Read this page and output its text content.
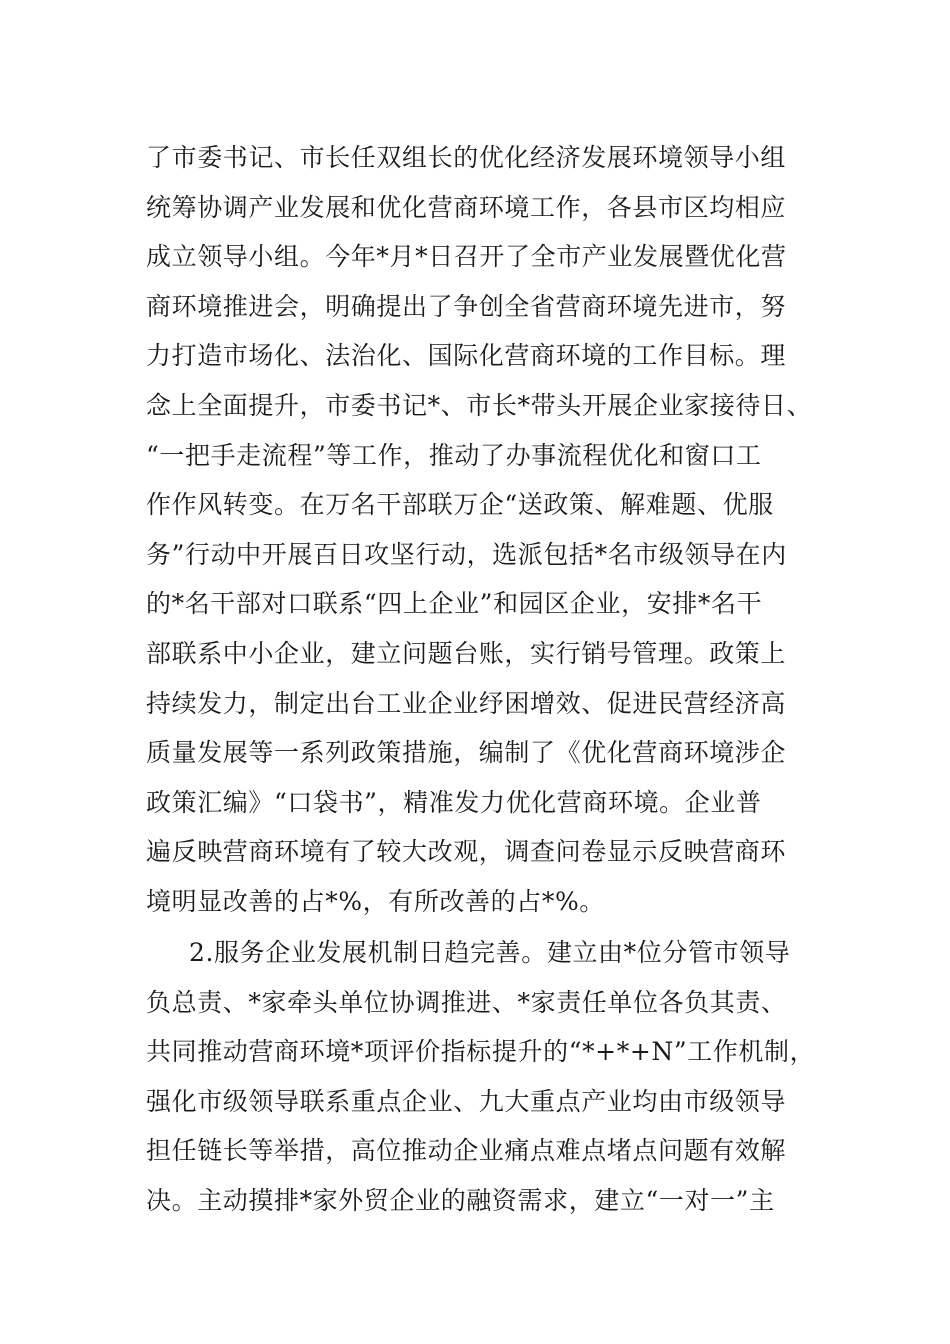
了市委书记、市长任双组长的优化经济发展环境领导小组
统筹协调产业发展和优化营商环境工作，各县市区均相应
成立领导小组。今年*月*日召开了全市产业发展暨优化营
商环境推进会，明确提出了争创全省营商环境先进市，努
力打造市场化、法治化、国际化营商环境的工作目标。理
念上全面提升，市委书记*、市长*带头开展企业家接待日、
“一把手走流程”等工作，推动了办事流程优化和窗口工
作作风转变。在万名干部联万企“送政策、解难题、优服
务”行动中开展百日攻坚行动，选派包括*名市级领导在内
的*名干部对口联系“四上企业”和园区企业，安排*名干
部联系中小企业，建立问题台账，实行销号管理。政策上
持续发力，制定出台工业企业纾困增效、促进民营经济高
质量发展等一系列政策措施，编制了《优化营商环境涉企
政策汇编》“口袋书”，精准发力优化营商环境。企业普
遍反映营商环境有了较大改观，调查问卷显示反映营商环
境明显改善的占*%，有所改善的占*%。
2.服务企业发展机制日趋完善。建立由*位分管市领导
负总责、*家牵头单位协调推进、*家责任单位各负其责、
共同推动营商环境*项评价指标提升的“*+*+N”工作机制，
强化市级领导联系重点企业、九大重点产业均由市级领导
担任链长等举措，高位推动企业痛点难点堵点问题有效解
决。主动摸排*家外贸企业的融资需求，建立“一对一”主
